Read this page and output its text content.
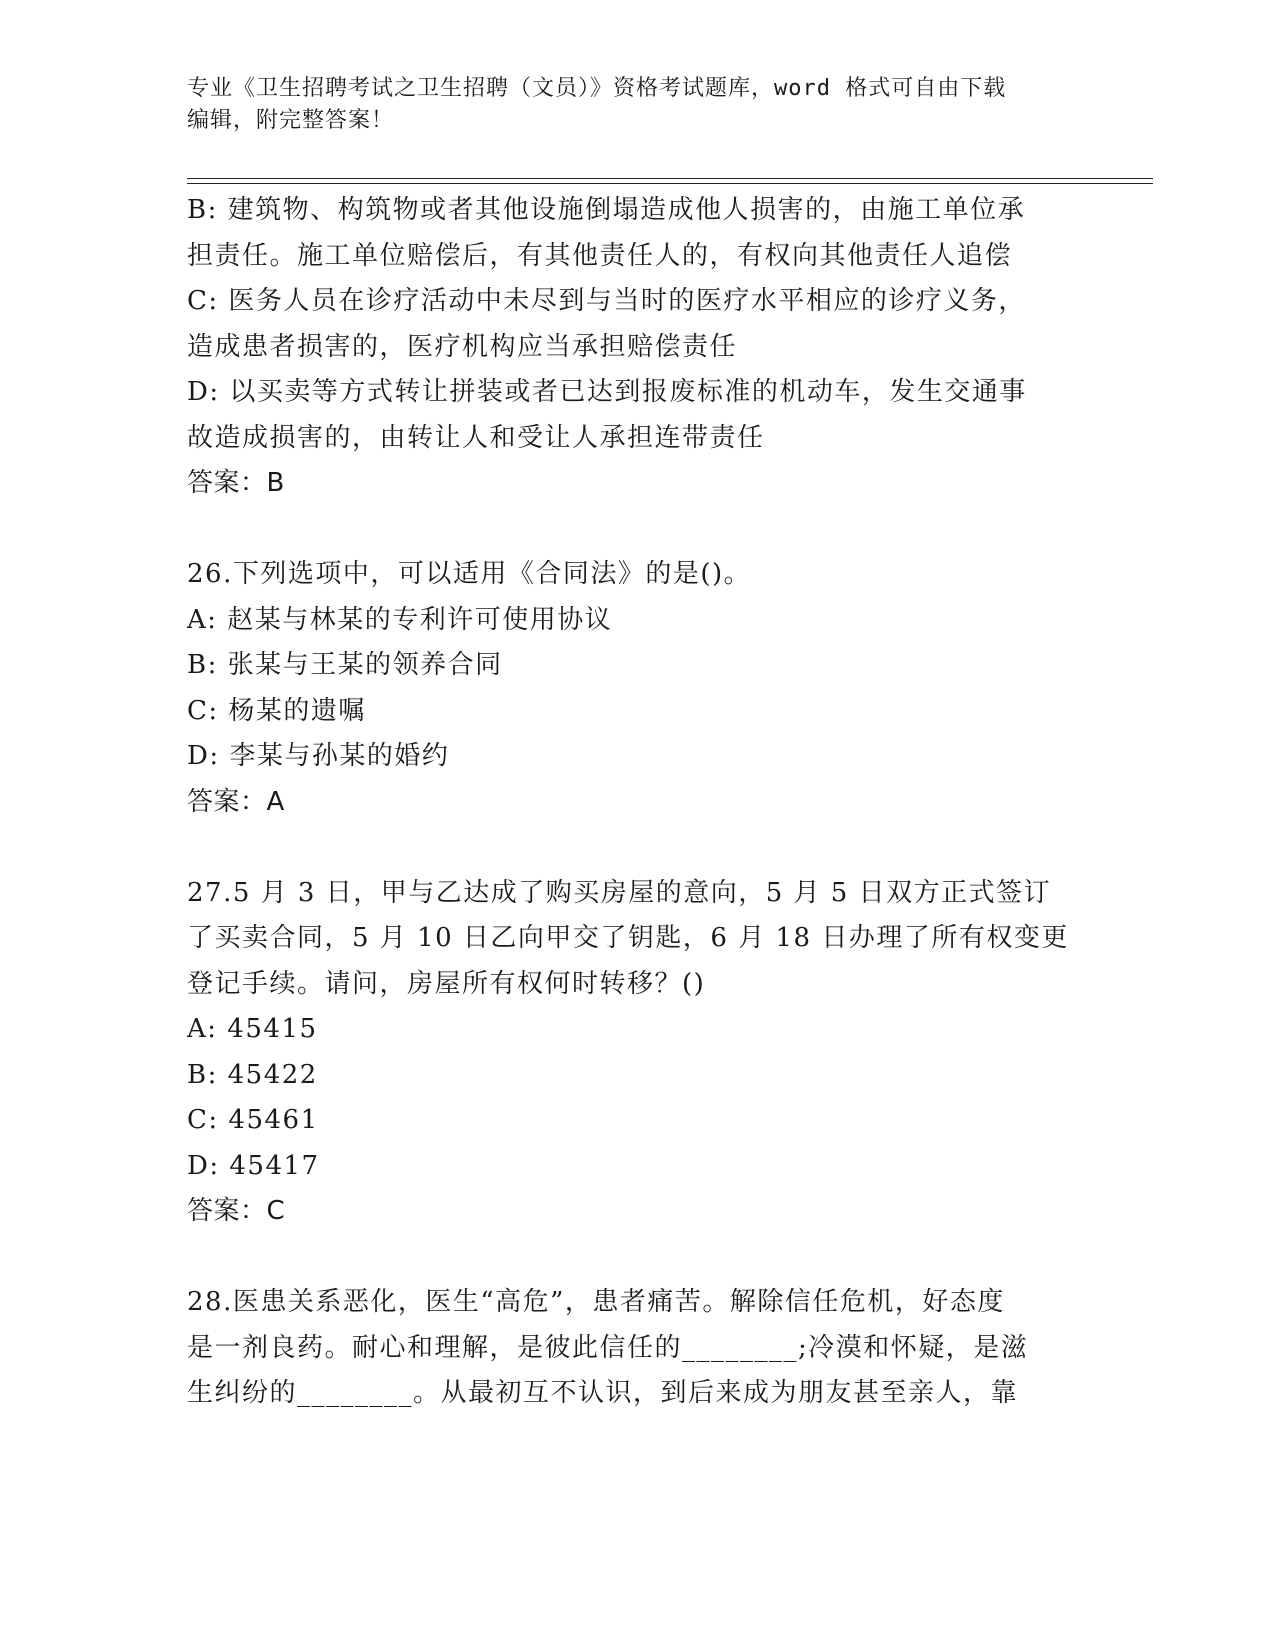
专业《卫生招聘考试之卫生招聘（文员）》资格考试题库，word 格式可自由下载
编辑，附完整答案！
B: 建筑物、构筑物或者其他设施倒塌造成他人损害的，由施工单位承
担责任。施工单位赔偿后，有其他责任人的，有权向其他责任人追偿
C: 医务人员在诊疗活动中未尽到与当时的医疗水平相应的诊疗义务，
造成患者损害的，医疗机构应当承担赔偿责任
D: 以买卖等方式转让拼装或者已达到报废标准的机动车，发生交通事
故造成损害的，由转让人和受让人承担连带责任
答案：B
26.下列选项中，可以适用《合同法》的是()。
A: 赵某与林某的专利许可使用协议
B: 张某与王某的领养合同
C: 杨某的遗嘱
D: 李某与孙某的婚约
答案：A
27.5 月 3 日，甲与乙达成了购买房屋的意向，5 月 5 日双方正式签订
了买卖合同，5 月 10 日乙向甲交了钥匙，6 月 18 日办理了所有权变更
登记手续。请问，房屋所有权何时转移？()
A: 45415
B: 45422
C: 45461
D: 45417
答案：C
28.医患关系恶化，医生“高危”，患者痛苦。解除信任危机，好态度
是一剂良药。耐心和理解，是彼此信任的________;冷漠和怀疑，是滋
生纠纷的________。从最初互不认识，到后来成为朋友甚至亲人，靠
